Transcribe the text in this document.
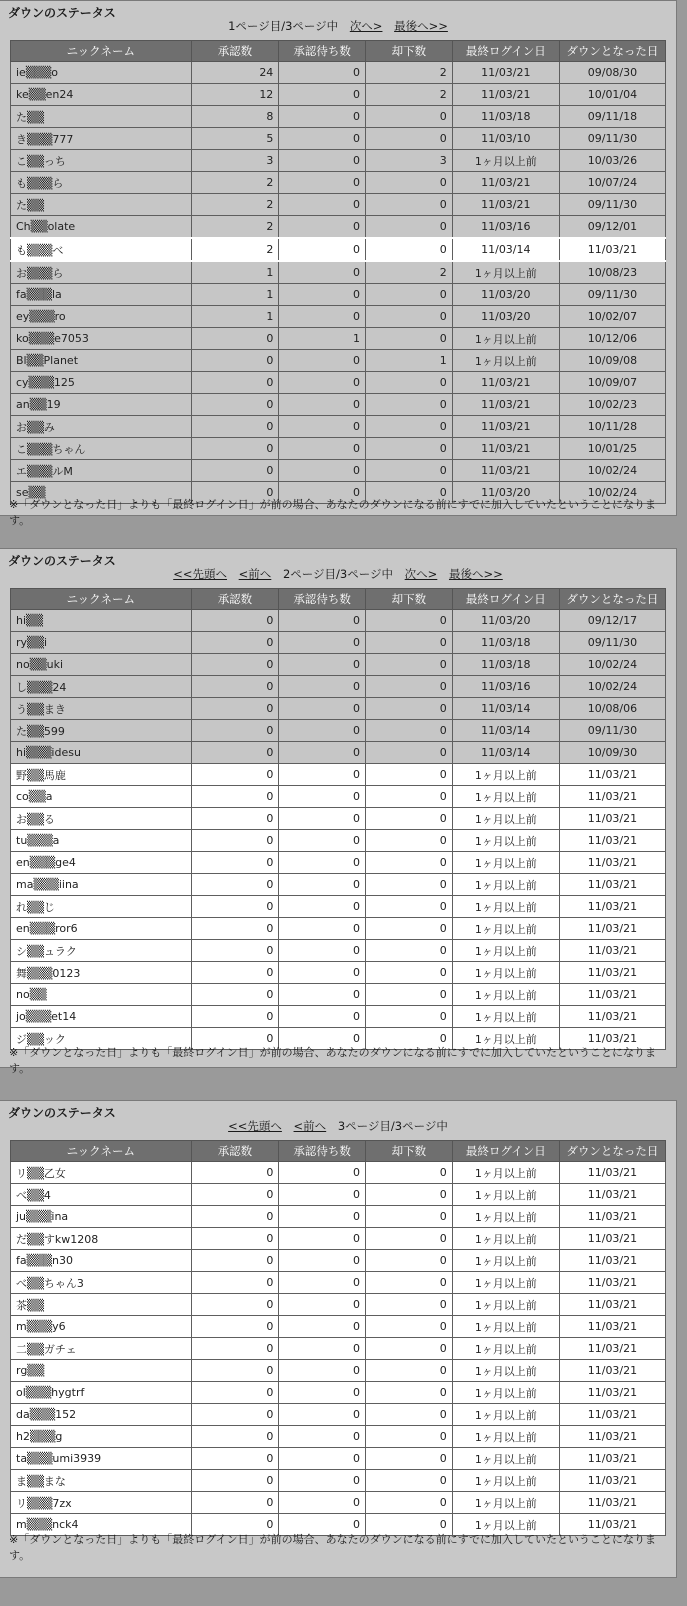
ダウンのステータス
1ページ目/3ページ中 次へ> 最後へ>>
ニックネーム	承認数	承認待ち数	却下数	最終ログイン日	ダウンとなった日
ie▒▒▒o	24	0	2	11/03/21	09/08/30
ke▒▒en24	12	0	2	11/03/21	10/01/04
た▒▒	8	0	0	11/03/18	09/11/18
き▒▒▒777	5	0	0	11/03/10	09/11/30
こ▒▒っち	3	0	3	1ヶ月以上前	10/03/26
も▒▒▒ら	2	0	0	11/03/21	10/07/24
た▒▒	2	0	0	11/03/21	09/11/30
Ch▒▒olate	2	0	0	11/03/16	09/12/01
も▒▒▒べ	2	0	0	11/03/14	11/03/21
お▒▒▒ら	1	0	2	1ヶ月以上前	10/08/23
fa▒▒▒la	1	0	0	11/03/20	09/11/30
ey▒▒▒ro	1	0	0	11/03/20	10/02/07
ko▒▒▒e7053	0	1	0	1ヶ月以上前	10/12/06
Bl▒▒Planet	0	0	1	1ヶ月以上前	10/09/08
cy▒▒▒125	0	0	0	11/03/21	10/09/07
an▒▒19	0	0	0	11/03/21	10/02/23
お▒▒み	0	0	0	11/03/21	10/11/28
こ▒▒▒ちゃん	0	0	0	11/03/21	10/01/25
エ▒▒▒ルM	0	0	0	11/03/21	10/02/24
se▒▒	0	0	0	11/03/20	10/02/24
※「ダウンとなった日」よりも「最終ログイン日」が前の場合、あなたのダウンになる前にすでに加入していたということになります。
ダウンのステータス
<<先頭へ <前へ 2ページ目/3ページ中 次へ> 最後へ>>
ニックネーム	承認数	承認待ち数	却下数	最終ログイン日	ダウンとなった日
hi▒▒	0	0	0	11/03/20	09/12/17
ry▒▒i	0	0	0	11/03/18	09/11/30
no▒▒uki	0	0	0	11/03/18	10/02/24
し▒▒▒24	0	0	0	11/03/16	10/02/24
う▒▒まき	0	0	0	11/03/14	10/08/06
た▒▒599	0	0	0	11/03/14	09/11/30
hi▒▒▒idesu	0	0	0	11/03/14	10/09/30
野▒▒馬鹿	0	0	0	1ヶ月以上前	11/03/21
co▒▒a	0	0	0	1ヶ月以上前	11/03/21
お▒▒る	0	0	0	1ヶ月以上前	11/03/21
tu▒▒▒a	0	0	0	1ヶ月以上前	11/03/21
en▒▒▒ge4	0	0	0	1ヶ月以上前	11/03/21
ma▒▒▒iina	0	0	0	1ヶ月以上前	11/03/21
れ▒▒じ	0	0	0	1ヶ月以上前	11/03/21
en▒▒▒ror6	0	0	0	1ヶ月以上前	11/03/21
シ▒▒ュラク	0	0	0	1ヶ月以上前	11/03/21
舞▒▒▒0123	0	0	0	1ヶ月以上前	11/03/21
no▒▒	0	0	0	1ヶ月以上前	11/03/21
jo▒▒▒et14	0	0	0	1ヶ月以上前	11/03/21
ジ▒▒ック	0	0	0	1ヶ月以上前	11/03/21
※「ダウンとなった日」よりも「最終ログイン日」が前の場合、あなたのダウンになる前にすでに加入していたということになります。
ダウンのステータス
<<先頭へ <前へ 3ページ目/3ページ中
ニックネーム	承認数	承認待ち数	却下数	最終ログイン日	ダウンとなった日
リ▒▒乙女	0	0	0	1ヶ月以上前	11/03/21
べ▒▒4	0	0	0	1ヶ月以上前	11/03/21
ju▒▒▒ina	0	0	0	1ヶ月以上前	11/03/21
だ▒▒すkw1208	0	0	0	1ヶ月以上前	11/03/21
fa▒▒▒n30	0	0	0	1ヶ月以上前	11/03/21
べ▒▒ちゃん3	0	0	0	1ヶ月以上前	11/03/21
茶▒▒	0	0	0	1ヶ月以上前	11/03/21
m▒▒▒y6	0	0	0	1ヶ月以上前	11/03/21
二▒▒ガチェ	0	0	0	1ヶ月以上前	11/03/21
rg▒▒	0	0	0	1ヶ月以上前	11/03/21
ol▒▒▒hygtrf	0	0	0	1ヶ月以上前	11/03/21
da▒▒▒152	0	0	0	1ヶ月以上前	11/03/21
h2▒▒▒g	0	0	0	1ヶ月以上前	11/03/21
ta▒▒▒umi3939	0	0	0	1ヶ月以上前	11/03/21
ま▒▒まな	0	0	0	1ヶ月以上前	11/03/21
リ▒▒▒7zx	0	0	0	1ヶ月以上前	11/03/21
m▒▒▒nck4	0	0	0	1ヶ月以上前	11/03/21
※「ダウンとなった日」よりも「最終ログイン日」が前の場合、あなたのダウンになる前にすでに加入していたということになります。
